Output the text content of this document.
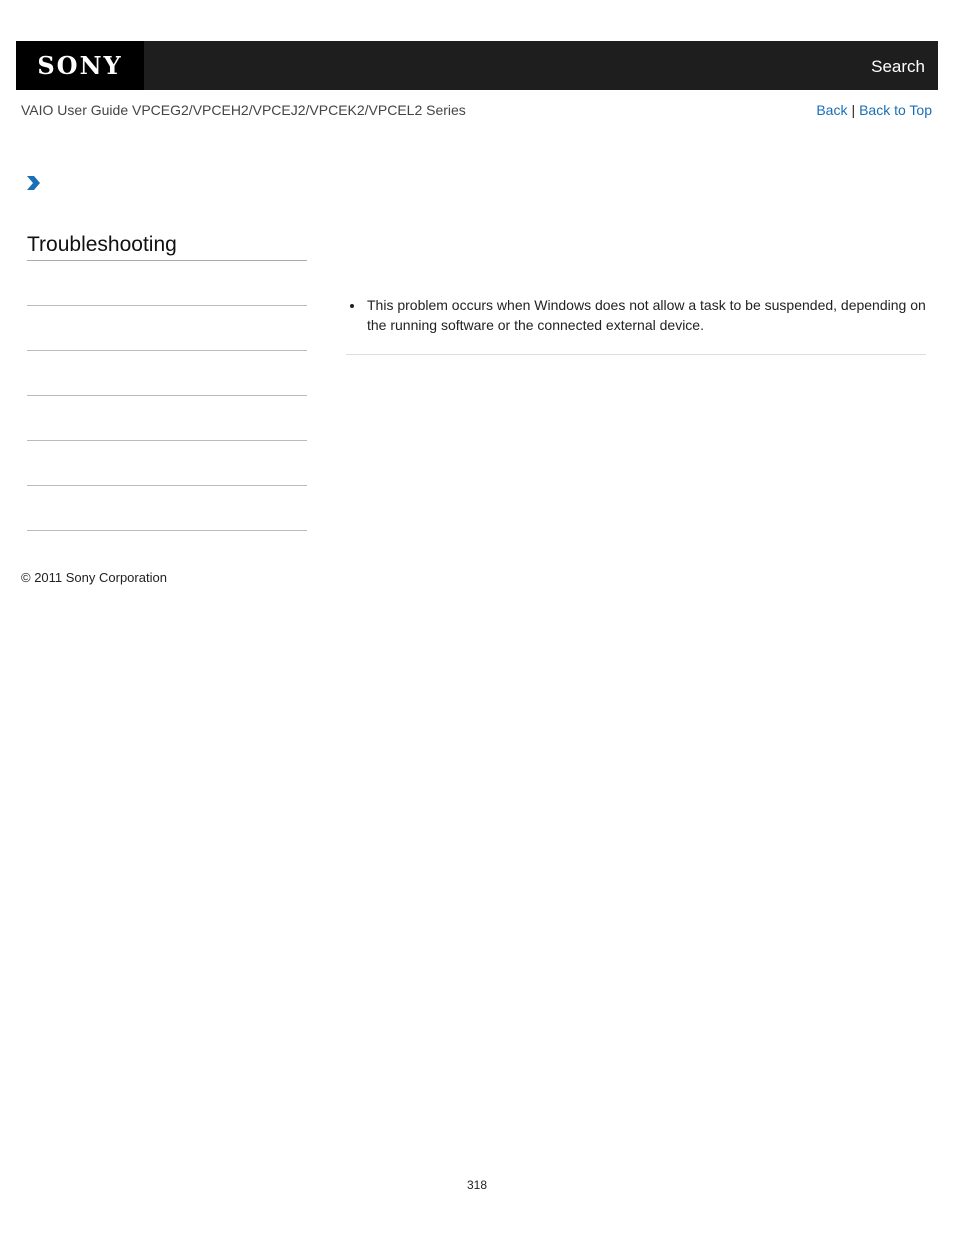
SONY	Search
VAIO User Guide VPCEG2/VPCEH2/VPCEJ2/VPCEK2/VPCEL2 Series	Back | Back to Top
Troubleshooting
This problem occurs when Windows does not allow a task to be suspended, depending on the running software or the connected external device.
© 2011 Sony Corporation
318
